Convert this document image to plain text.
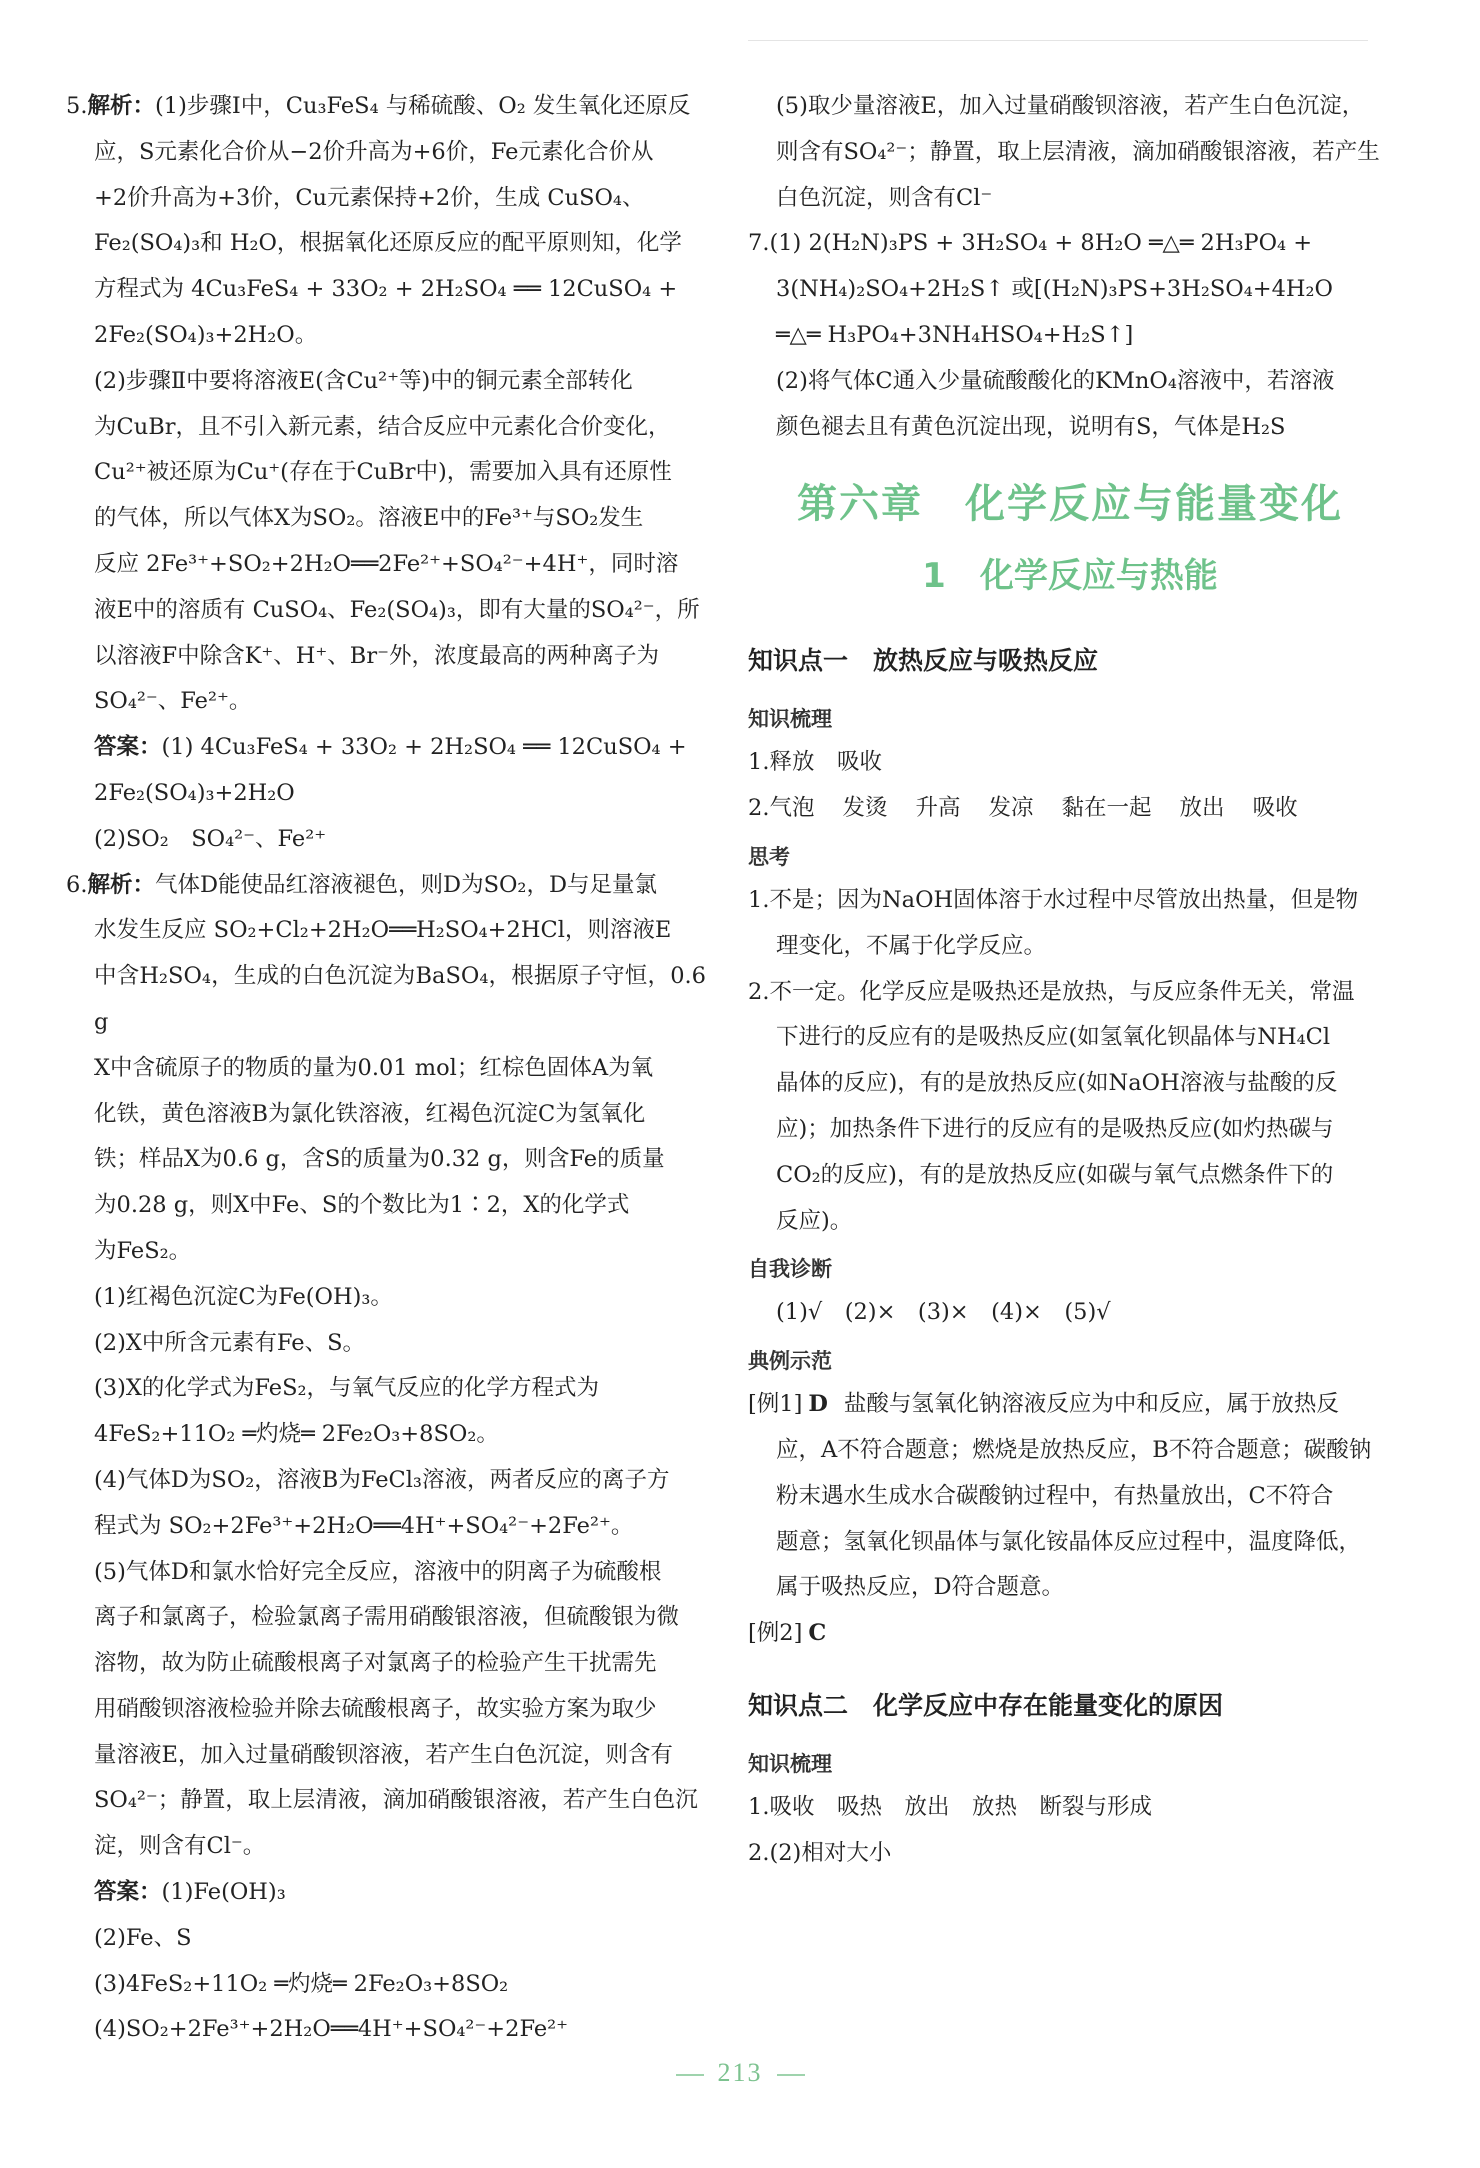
5.解析：(1)步骤Ⅰ中，Cu₃FeS₄ 与稀硫酸、O₂ 发生氧化还原反

应，S元素化合价从−2价升高为+6价，Fe元素化合价从

+2价升高为+3价，Cu元素保持+2价，生成 CuSO₄、

Fe₂(SO₄)₃和 H₂O，根据氧化还原反应的配平原则知，化学

方程式为 4Cu₃FeS₄ + 33O₂ + 2H₂SO₄ ══ 12CuSO₄ +

2Fe₂(SO₄)₃+2H₂O。

(2)步骤Ⅱ中要将溶液E(含Cu²⁺等)中的铜元素全部转化

为CuBr，且不引入新元素，结合反应中元素化合价变化，

Cu²⁺被还原为Cu⁺(存在于CuBr中)，需要加入具有还原性

的气体，所以气体X为SO₂。溶液E中的Fe³⁺与SO₂发生

反应 2Fe³⁺+SO₂+2H₂O══2Fe²⁺+SO₄²⁻+4H⁺，同时溶

液E中的溶质有 CuSO₄、Fe₂(SO₄)₃，即有大量的SO₄²⁻，所

以溶液F中除含K⁺、H⁺、Br⁻外，浓度最高的两种离子为

SO₄²⁻、Fe²⁺。

答案：(1) 4Cu₃FeS₄ + 33O₂ + 2H₂SO₄ ══ 12CuSO₄ +

2Fe₂(SO₄)₃+2H₂O

(2)SO₂　SO₄²⁻、Fe²⁺

6.解析：气体D能使品红溶液褪色，则D为SO₂，D与足量氯

水发生反应 SO₂+Cl₂+2H₂O══H₂SO₄+2HCl，则溶液E

中含H₂SO₄，生成的白色沉淀为BaSO₄，根据原子守恒，0.6 g

X中含硫原子的物质的量为0.01 mol；红棕色固体A为氧

化铁，黄色溶液B为氯化铁溶液，红褐色沉淀C为氢氧化

铁；样品X为0.6 g，含S的质量为0.32 g，则含Fe的质量

为0.28 g，则X中Fe、S的个数比为1∶2，X的化学式

为FeS₂。

(1)红褐色沉淀C为Fe(OH)₃。

(2)X中所含元素有Fe、S。

(3)X的化学式为FeS₂，与氧气反应的化学方程式为

4FeS₂+11O₂ ═灼烧═ 2Fe₂O₃+8SO₂。

(4)气体D为SO₂，溶液B为FeCl₃溶液，两者反应的离子方

程式为 SO₂+2Fe³⁺+2H₂O══4H⁺+SO₄²⁻+2Fe²⁺。

(5)气体D和氯水恰好完全反应，溶液中的阴离子为硫酸根

离子和氯离子，检验氯离子需用硝酸银溶液，但硫酸银为微

溶物，故为防止硫酸根离子对氯离子的检验产生干扰需先

用硝酸钡溶液检验并除去硫酸根离子，故实验方案为取少

量溶液E，加入过量硝酸钡溶液，若产生白色沉淀，则含有

SO₄²⁻；静置，取上层清液，滴加硝酸银溶液，若产生白色沉

淀，则含有Cl⁻。

答案：(1)Fe(OH)₃

(2)Fe、S

(3)4FeS₂+11O₂ ═灼烧═ 2Fe₂O₃+8SO₂

(4)SO₂+2Fe³⁺+2H₂O══4H⁺+SO₄²⁻+2Fe²⁺

(5)取少量溶液E，加入过量硝酸钡溶液，若产生白色沉淀，

则含有SO₄²⁻；静置，取上层清液，滴加硝酸银溶液，若产生

白色沉淀，则含有Cl⁻

7.(1) 2(H₂N)₃PS + 3H₂SO₄ + 8H₂O ═△═ 2H₃PO₄ +

3(NH₄)₂SO₄+2H₂S↑ 或[(H₂N)₃PS+3H₂SO₄+4H₂O

═△═ H₃PO₄+3NH₄HSO₄+H₂S↑]

(2)将气体C通入少量硫酸酸化的KMnO₄溶液中，若溶液

颜色褪去且有黄色沉淀出现，说明有S，气体是H₂S

第六章　化学反应与能量变化
1　化学反应与热能
知识点一　放热反应与吸热反应
知识梳理

1.释放　吸收

2.气泡 发烫 升高 发凉 黏在一起 放出 吸收

思考

1.不是；因为NaOH固体溶于水过程中尽管放出热量，但是物

理变化，不属于化学反应。

2.不一定。化学反应是吸热还是放热，与反应条件无关，常温

下进行的反应有的是吸热反应(如氢氧化钡晶体与NH₄Cl

晶体的反应)，有的是放热反应(如NaOH溶液与盐酸的反

应)；加热条件下进行的反应有的是吸热反应(如灼热碳与

CO₂的反应)，有的是放热反应(如碳与氧气点燃条件下的

反应)。

自我诊断

(1)√　(2)×　(3)×　(4)×　(5)√

典例示范

[例1] D 盐酸与氢氧化钠溶液反应为中和反应，属于放热反

应，A不符合题意；燃烧是放热反应，B不符合题意；碳酸钠

粉末遇水生成水合碳酸钠过程中，有热量放出，C不符合

题意；氢氧化钡晶体与氯化铵晶体反应过程中，温度降低，

属于吸热反应，D符合题意。

[例2] C

知识点二　化学反应中存在能量变化的原因
知识梳理

1.吸收　吸热　放出　放热　断裂与形成

2.(2)相对大小

213
